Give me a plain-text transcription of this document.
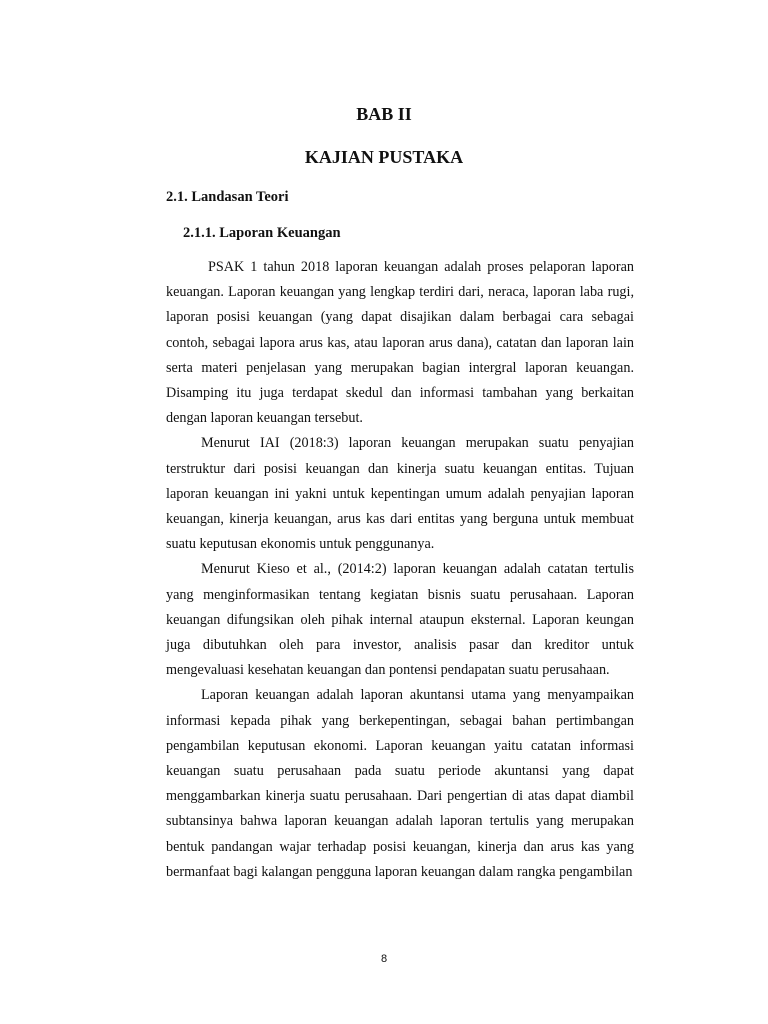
BAB II
KAJIAN PUSTAKA
2.1. Landasan Teori
2.1.1. Laporan Keuangan

PSAK 1 tahun 2018 laporan keuangan adalah proses pelaporan laporan keuangan. Laporan keuangan yang lengkap terdiri dari, neraca, laporan laba rugi, laporan posisi keuangan (yang dapat disajikan dalam berbagai cara sebagai contoh, sebagai lapora arus kas, atau laporan arus dana), catatan dan laporan lain serta materi penjelasan yang merupakan bagian intergral laporan keuangan. Disamping itu juga terdapat skedul dan informasi tambahan yang berkaitan dengan laporan keuangan tersebut.

Menurut IAI (2018:3) laporan keuangan merupakan suatu penyajian terstruktur dari posisi keuangan dan kinerja suatu keuangan entitas. Tujuan laporan keuangan ini yakni untuk kepentingan umum adalah penyajian laporan keuangan, kinerja keuangan, arus kas dari entitas yang berguna untuk membuat suatu keputusan ekonomis untuk penggunanya.

Menurut Kieso et al., (2014:2) laporan keuangan adalah catatan tertulis yang menginformasikan tentang kegiatan bisnis suatu perusahaan. Laporan keuangan difungsikan oleh pihak internal ataupun eksternal. Laporan keungan juga dibutuhkan oleh para investor, analisis pasar dan kreditor untuk mengevaluasi kesehatan keuangan dan pontensi pendapatan suatu perusahaan.

Laporan keuangan adalah laporan akuntansi utama yang menyampaikan informasi kepada pihak yang berkepentingan, sebagai bahan pertimbangan pengambilan keputusan ekonomi. Laporan keuangan yaitu catatan informasi keuangan suatu perusahaan pada suatu periode akuntansi yang dapat menggambarkan kinerja suatu perusahaan. Dari pengertian di atas dapat diambil subtansinya bahwa laporan keuangan adalah laporan tertulis yang merupakan bentuk pandangan wajar terhadap posisi keuangan, kinerja dan arus kas yang bermanfaat bagi kalangan pengguna laporan keuangan dalam rangka pengambilan

8
